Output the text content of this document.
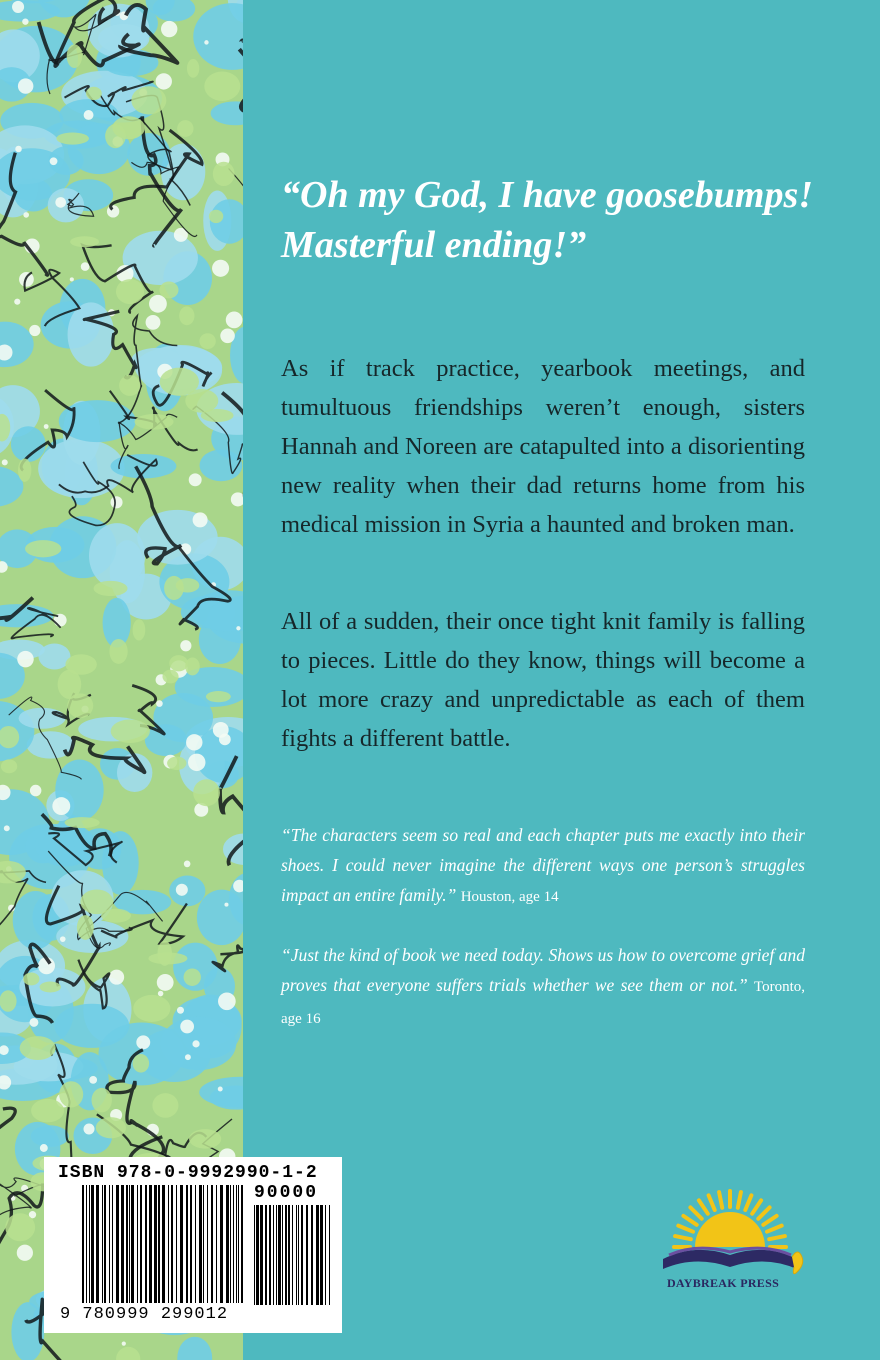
“Oh my God, I have goosebumps!
Masterful ending!”

As if track practice, yearbook meetings, and tumultuous friendships weren’t enough, sisters Hannah and Noreen are catapulted into a disorienting new reality when their dad returns home from his medical mission in Syria a haunted and broken man.

All of a sudden, their once tight knit family is falling to pieces. Little do they know, things will become a lot more crazy and unpredictable as each of them fights a different battle.

“The characters seem so real and each chapter puts me exactly into their shoes. I could never imagine the different ways one person’s struggles impact an entire family.” Houston, age 14

“Just the kind of book we need today. Shows us how to overcome grief and proves that everyone suffers trials whether we see them or not.” Toronto, age 16

ISBN 978-0-9992990-1-2
90000
9 780999 299012
DAYBREAK PRESS
